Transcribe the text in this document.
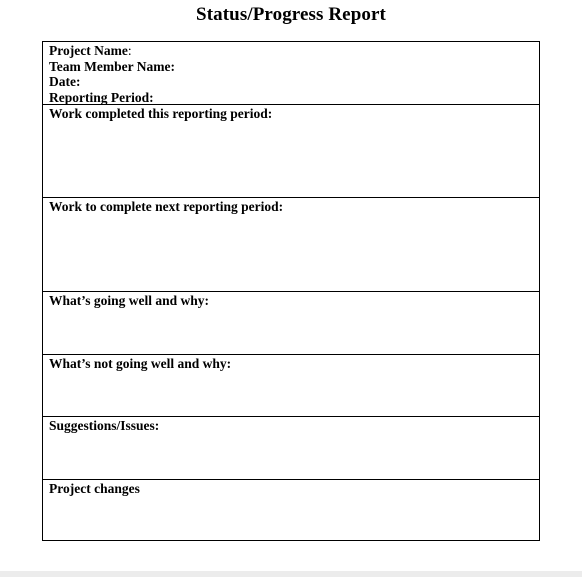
Status/Progress Report
Project Name:
Team Member Name:
Date:
Reporting Period:
Work completed this reporting period:
Work to complete next reporting period:
What’s going well and why:
What’s not going well and why:
Suggestions/Issues:
Project changes
